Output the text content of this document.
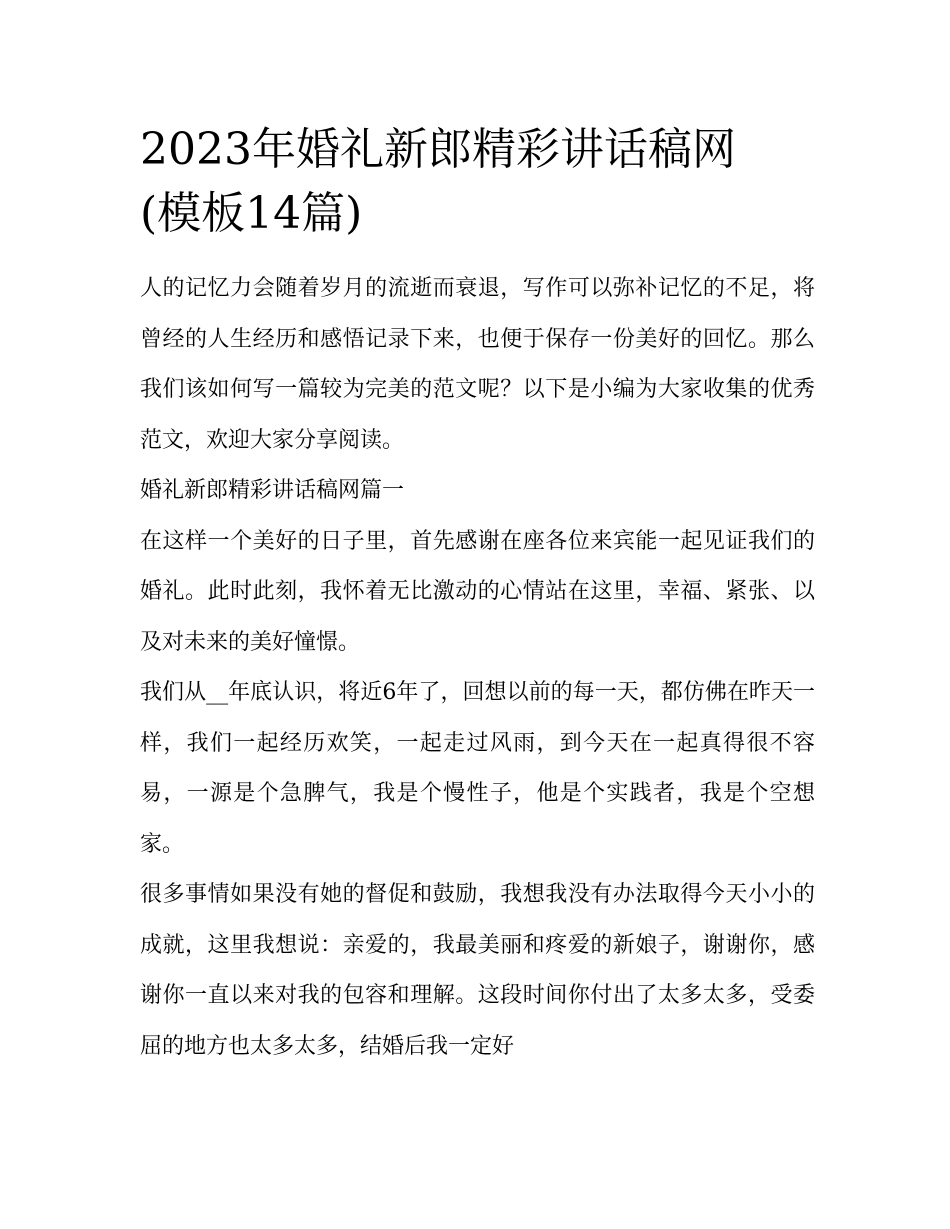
2023年婚礼新郎精彩讲话稿网
(模板14篇)

人的记忆力会随着岁月的流逝而衰退，写作可以弥补记忆的不足，将曾经的人生经历和感悟记录下来，也便于保存一份美好的回忆。那么我们该如何写一篇较为完美的范文呢？以下是小编为大家收集的优秀范文，欢迎大家分享阅读。

婚礼新郎精彩讲话稿网篇一

在这样一个美好的日子里，首先感谢在座各位来宾能一起见证我们的婚礼。此时此刻，我怀着无比激动的心情站在这里，幸福、紧张、以及对未来的美好憧憬。

我们从__年底认识，将近6年了，回想以前的每一天，都仿佛在昨天一样，我们一起经历欢笑，一起走过风雨，到今天在一起真得很不容易，一源是个急脾气，我是个慢性子，他是个实践者，我是个空想家。

很多事情如果没有她的督促和鼓励，我想我没有办法取得今天小小的成就，这里我想说：亲爱的，我最美丽和疼爱的新娘子，谢谢你，感谢你一直以来对我的包容和理解。这段时间你付出了太多太多，受委屈的地方也太多太多，结婚后我一定好
